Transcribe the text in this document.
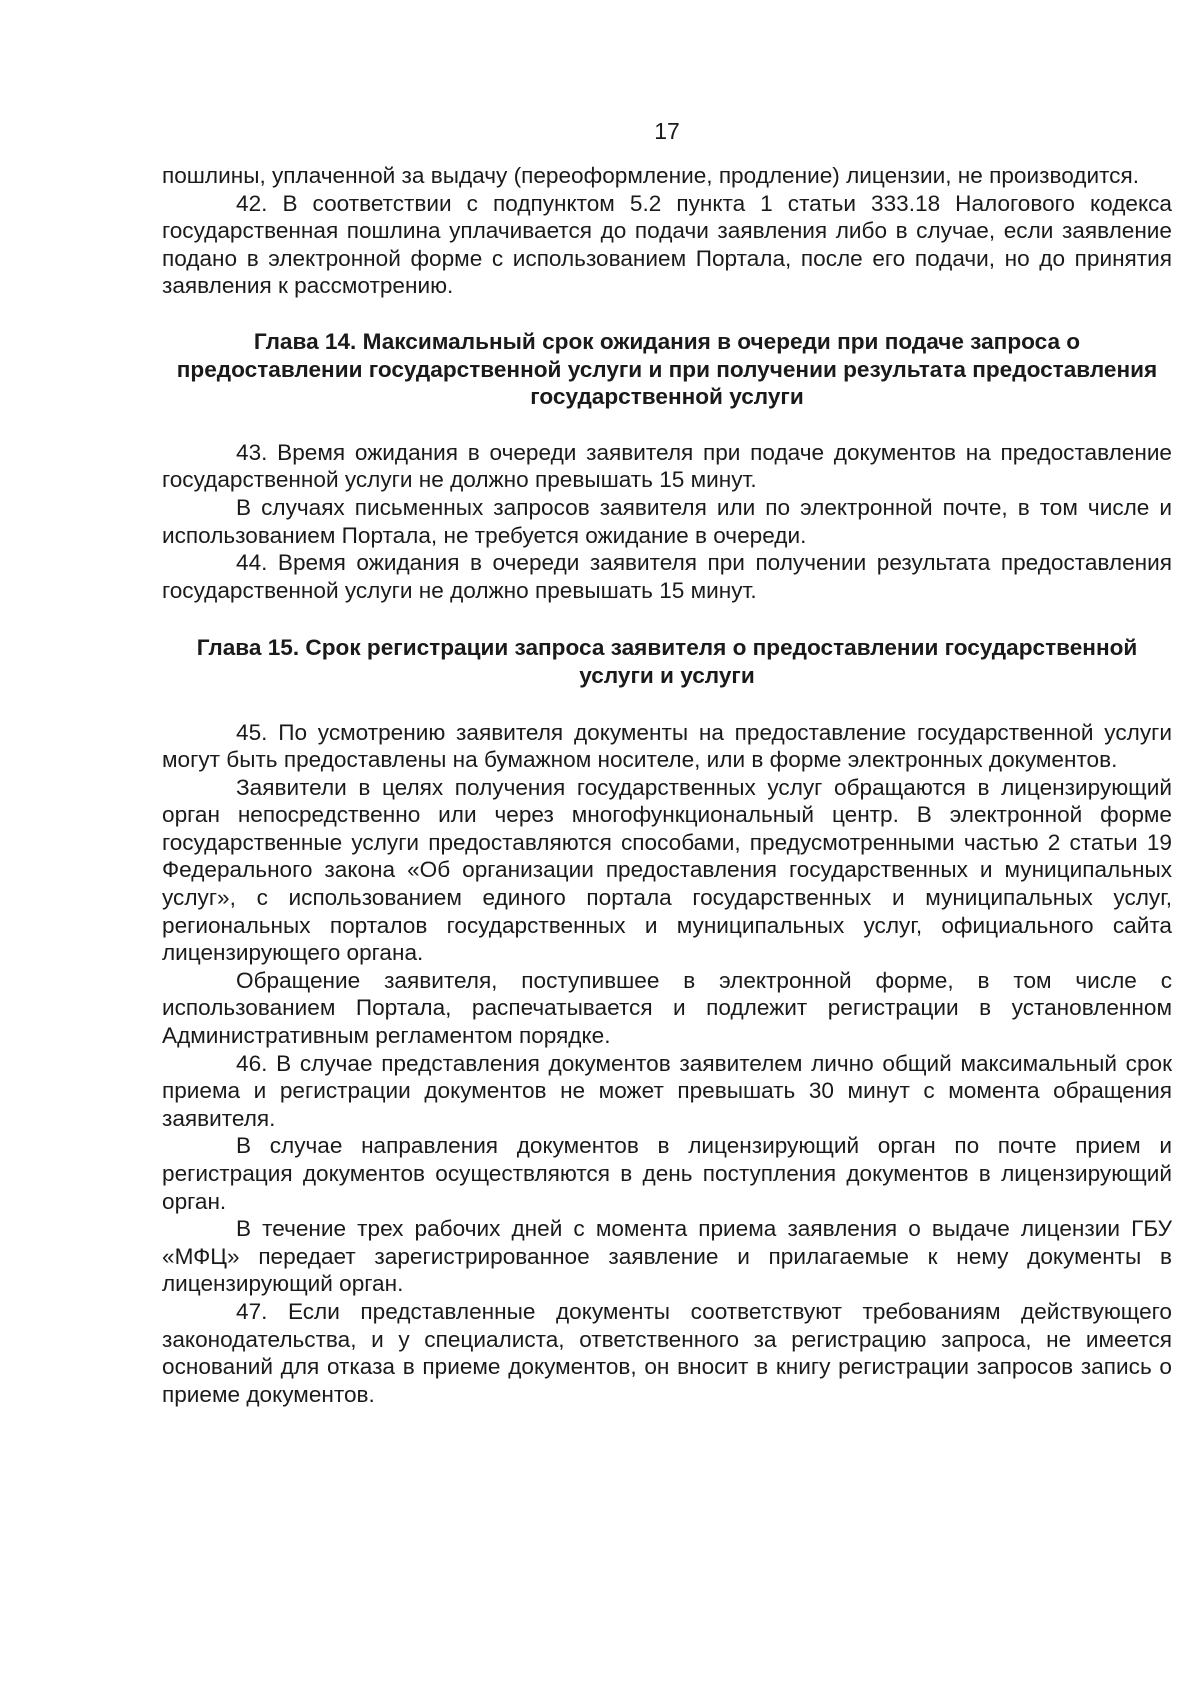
17

пошлины, уплаченной за выдачу (переоформление, продление) лицензии, не производится.

42. В соответствии с подпунктом 5.2 пункта 1 статьи 333.18 Налогового кодекса государственная пошлина уплачивается до подачи заявления либо в случае, если заявление подано в электронной форме с использованием Портала, после его подачи, но до принятия заявления к рассмотрению.

Глава 14. Максимальный срок ожидания в очереди при подаче запроса о предоставлении государственной услуги и при получении результата предоставления государственной услуги

43. Время ожидания в очереди заявителя при подаче документов на предоставление государственной услуги не должно превышать 15 минут.

В случаях письменных запросов заявителя или по электронной почте, в том числе и использованием Портала, не требуется ожидание в очереди.

44. Время ожидания в очереди заявителя при получении результата предоставления государственной услуги не должно превышать 15 минут.

Глава 15. Срок регистрации запроса заявителя о предоставлении государственной услуги и услуги

45. По усмотрению заявителя документы на предоставление государственной услуги могут быть предоставлены на бумажном носителе, или в форме электронных документов.

Заявители в целях получения государственных услуг обращаются в лицензирующий орган непосредственно или через многофункциональный центр. В электронной форме государственные услуги предоставляются способами, предусмотренными частью 2 статьи 19 Федерального закона «Об организации предоставления государственных и муниципальных услуг», с использованием единого портала государственных и муниципальных услуг, региональных порталов государственных и муниципальных услуг, официального сайта лицензирующего органа.

Обращение заявителя, поступившее в электронной форме, в том числе с использованием Портала, распечатывается и подлежит регистрации в установленном Административным регламентом порядке.

46. В случае представления документов заявителем лично общий максимальный срок приема и регистрации документов не может превышать 30 минут с момента обращения заявителя.

В случае направления документов в лицензирующий орган по почте прием и регистрация документов осуществляются в день поступления документов в лицензирующий орган.

В течение трех рабочих дней с момента приема заявления о выдаче лицензии ГБУ «МФЦ» передает зарегистрированное заявление и прилагаемые к нему документы в лицензирующий орган.

47. Если представленные документы соответствуют требованиям действующего законодательства, и у специалиста, ответственного за регистрацию запроса, не имеется оснований для отказа в приеме документов, он вносит в книгу регистрации запросов запись о приеме документов.
